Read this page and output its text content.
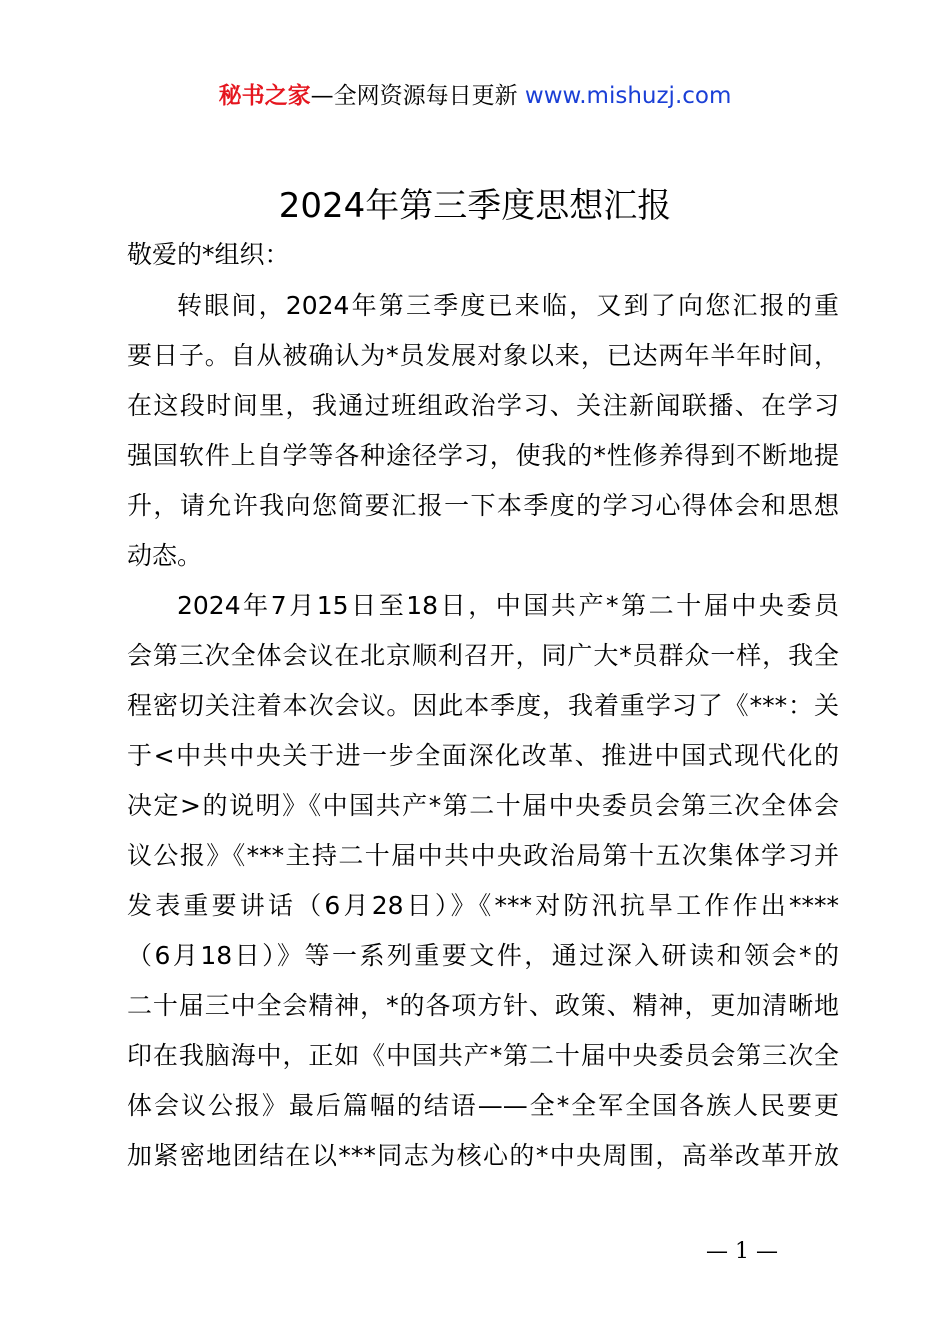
秘书之家—全网资源每日更新 www.mishuzj.com
2024年第三季度思想汇报
敬爱的*组织：
转眼间，2024年第三季度已来临，又到了向您汇报的重
要日子。自从被确认为*员发展对象以来，已达两年半年时间，
在这段时间里，我通过班组政治学习、关注新闻联播、在学习
强国软件上自学等各种途径学习，使我的*性修养得到不断地提
升，请允许我向您简要汇报一下本季度的学习心得体会和思想
动态。
2024年7月15日至18日，中国共产*第二十届中央委员
会第三次全体会议在北京顺利召开，同广大*员群众一样，我全
程密切关注着本次会议。因此本季度，我着重学习了《***：关
于<中共中央关于进一步全面深化改革、推进中国式现代化的
决定>的说明》《中国共产*第二十届中央委员会第三次全体会
议公报》《***主持二十届中共中央政治局第十五次集体学习并
发表重要讲话（6月28日）》《***对防汛抗旱工作作出****
（6月18日）》等一系列重要文件，通过深入研读和领会*的
二十届三中全会精神，*的各项方针、政策、精神，更加清晰地
印在我脑海中，正如《中国共产*第二十届中央委员会第三次全
体会议公报》最后篇幅的结语——全*全军全国各族人民要更
加紧密地团结在以***同志为核心的*中央周围，高举改革开放
— 1 —
